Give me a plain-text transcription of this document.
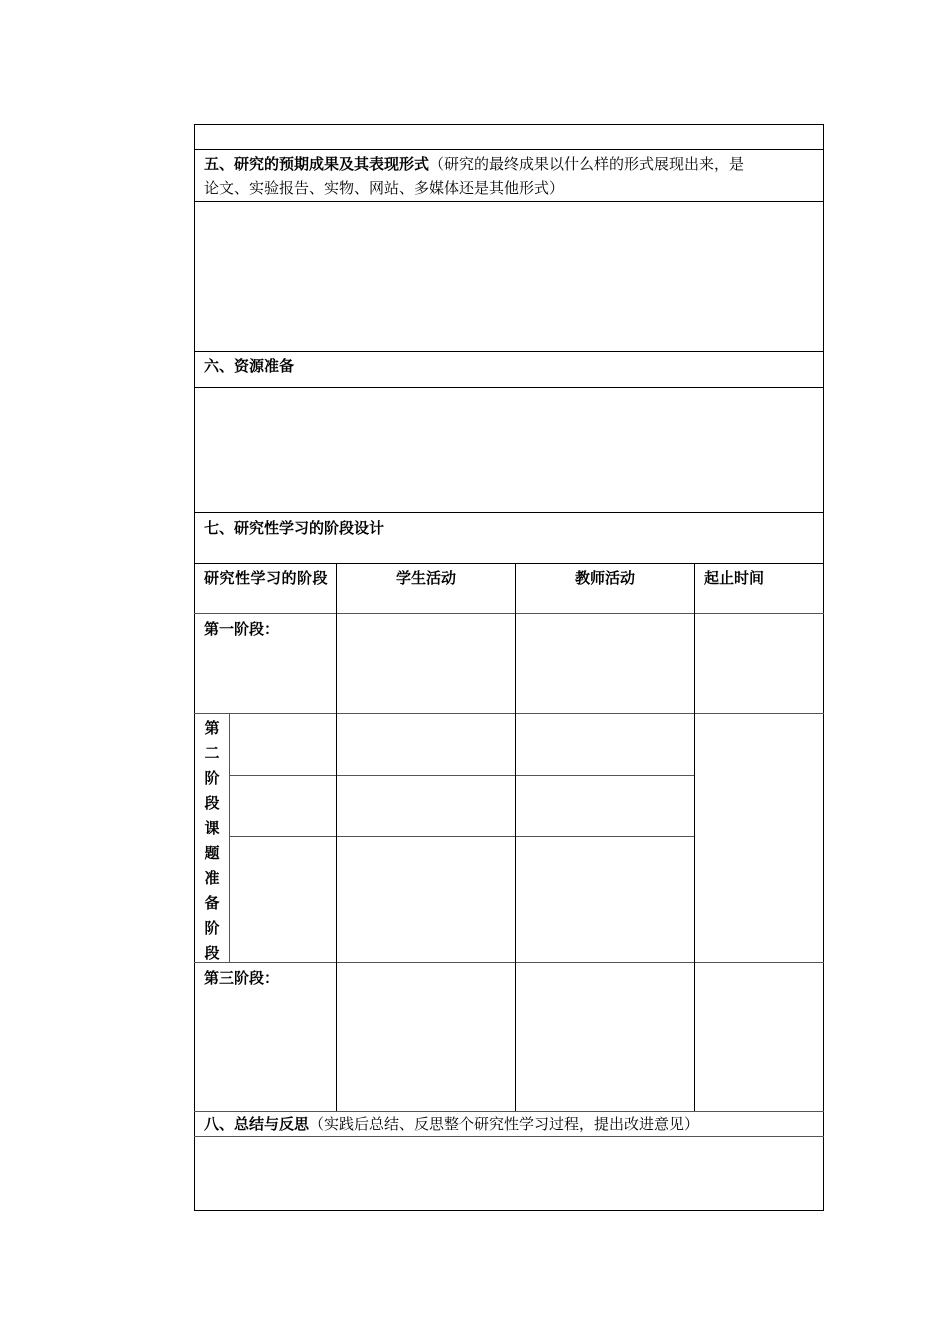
五、研究的预期成果及其表现形式（研究的最终成果以什么样的形式展现出来，是
论文、实验报告、实物、网站、多媒体还是其他形式）
六、资源准备
七、研究性学习的阶段设计
研究性学习的阶段	学生活动	教师活动	起止时间
第一阶段：
第二阶段课题准备阶段
第三阶段：
八、总结与反思（实践后总结、反思整个研究性学习过程，提出改进意见）
